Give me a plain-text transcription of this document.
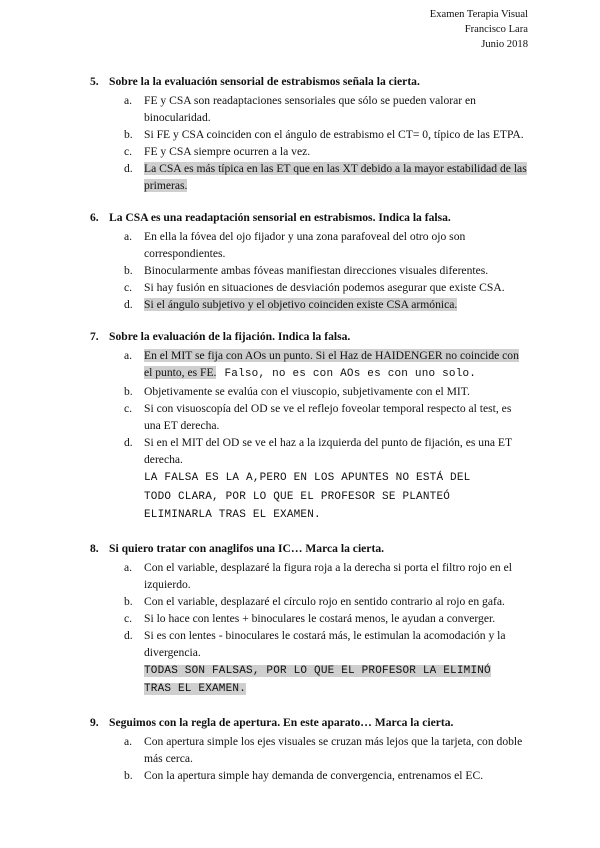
Examen Terapia Visual
Francisco Lara
Junio 2018
5. Sobre la la evaluación sensorial de estrabismos señala la cierta.
a. FE y CSA son readaptaciones sensoriales que sólo se pueden valorar en binocularidad.
b. Si FE y CSA coinciden con el ángulo de estrabismo el CT= 0, típico de las ETPA.
c. FE y CSA siempre ocurren a la vez.
d. La CSA es más típica en las ET que en las XT debido a la mayor estabilidad de las primeras.
6. La CSA es una readaptación sensorial en estrabismos. Indica la falsa.
a. En ella la fóvea del ojo fijador y una zona parafoveal del otro ojo son correspondientes.
b. Binocularmente ambas fóveas manifiestan direcciones visuales diferentes.
c. Si hay fusión en situaciones de desviación podemos asegurar que existe CSA.
d. Si el ángulo subjetivo y el objetivo coinciden existe CSA armónica.
7. Sobre la evaluación de la fijación. Indica la falsa.
a. En el MIT se fija con AOs un punto. Si el Haz de HAIDENGER no coincide con el punto, es FE. Falso, no es con AOs es con uno solo.
b. Objetivamente se evalúa con el viuscopio, subjetivamente con el MIT.
c. Si con visuoscopía del OD se ve el reflejo foveolar temporal respecto al test, es una ET derecha.
d. Si en el MIT del OD se ve el haz a la izquierda del punto de fijación, es una ET derecha.
LA FALSA ES LA A,PERO EN LOS APUNTES NO ESTÁ DEL
TODO CLARA, POR LO QUE EL PROFESOR SE PLANTEÓ
ELIMINARLA TRAS EL EXAMEN.
8. Si quiero tratar con anaglifos una IC… Marca la cierta.
a. Con el variable, desplazaré la figura roja a la derecha si porta el filtro rojo en el izquierdo.
b. Con el variable, desplazaré el círculo rojo en sentido contrario al rojo en gafa.
c. Si lo hace con lentes + binoculares le costará menos, le ayudan a converger.
d. Si es con lentes - binoculares le costará más, le estimulan la acomodación y la divergencia.
TODAS SON FALSAS, POR LO QUE EL PROFESOR LA ELIMINÓ
TRAS EL EXAMEN.
9. Seguimos con la regla de apertura. En este aparato… Marca la cierta.
a. Con apertura simple los ejes visuales se cruzan más lejos que la tarjeta, con doble más cerca.
b. Con la apertura simple hay demanda de convergencia, entrenamos el EC.
